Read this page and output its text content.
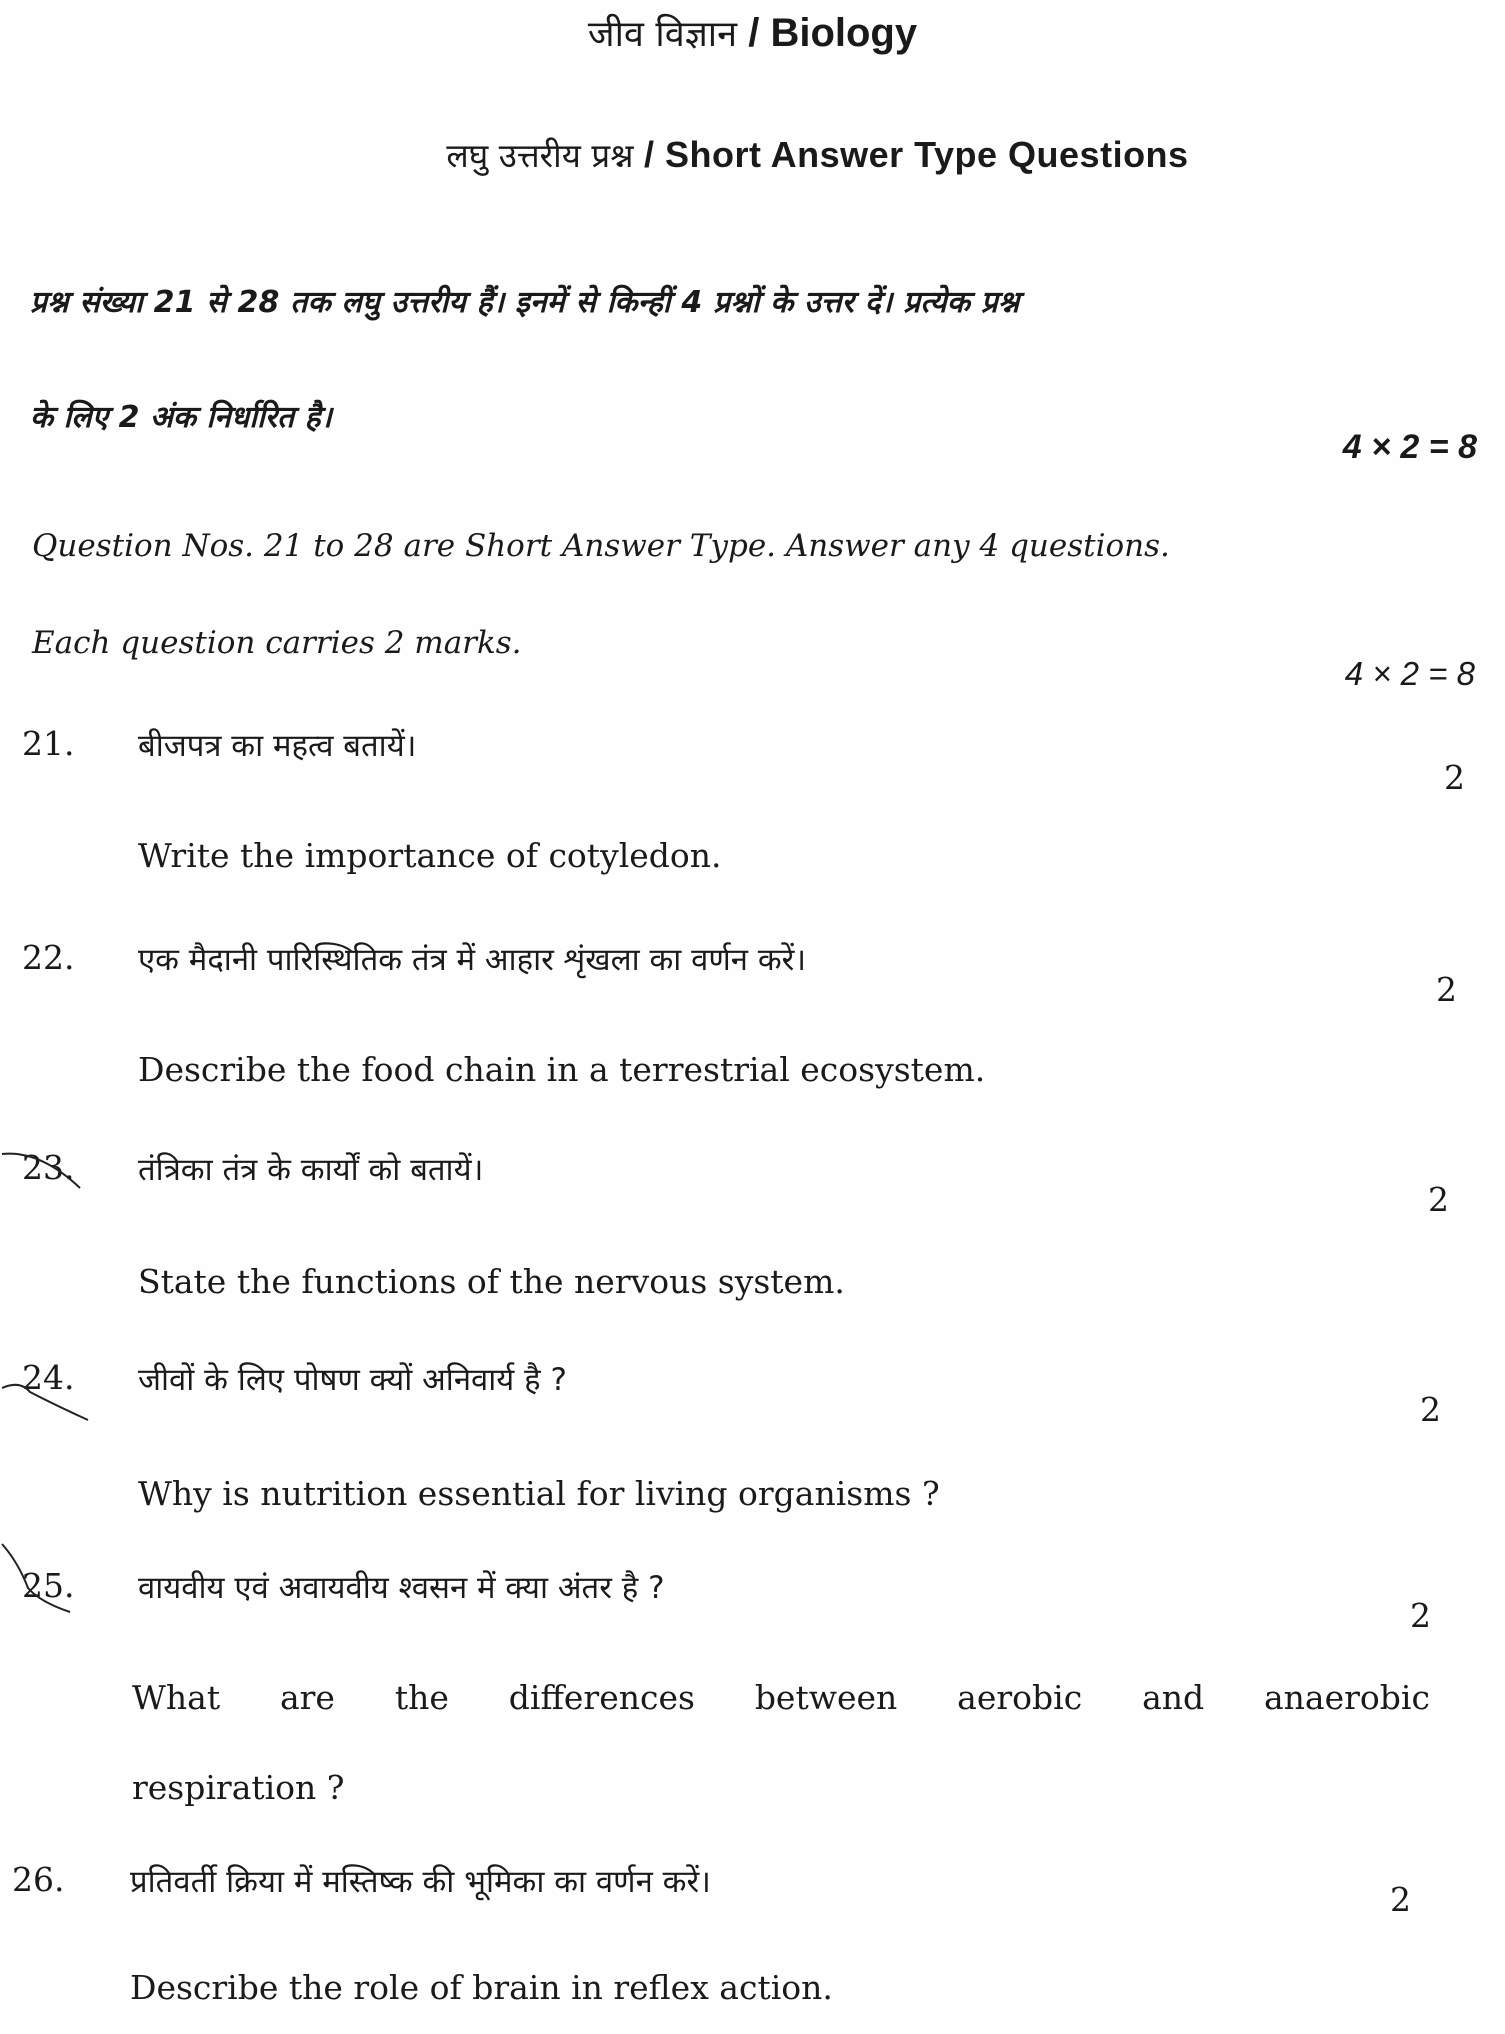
जीव विज्ञान / Biology
लघु उत्तरीय प्रश्न / Short Answer Type Questions
प्रश्न संख्या 21 से 28 तक लघु उत्तरीय हैं। इनमें से किन्हीं 4 प्रश्नों के उत्तर दें। प्रत्येक प्रश्न
के लिए 2 अंक निर्धारित है।
4 × 2 = 8
Question Nos. 21 to 28 are Short Answer Type. Answer any 4 questions.
Each question carries 2 marks.
4 × 2 = 8
21. बीजपत्र का महत्व बतायें।
2
Write the importance of cotyledon.
22. एक मैदानी पारिस्थितिक तंत्र में आहार शृंखला का वर्णन करें।
2
Describe the food chain in a terrestrial ecosystem.
23. तंत्रिका तंत्र के कार्यों को बतायें।
2
State the functions of the nervous system.
24. जीवों के लिए पोषण क्यों अनिवार्य है ?
2
Why is nutrition essential for living organisms ?
25. वायवीय एवं अवायवीय श्वसन में क्या अंतर है ?
2
What are the differences between aerobic and anaerobic
respiration ?
26. प्रतिवर्ती क्रिया में मस्तिष्क की भूमिका का वर्णन करें।	2
Describe the role of brain in reflex action.
